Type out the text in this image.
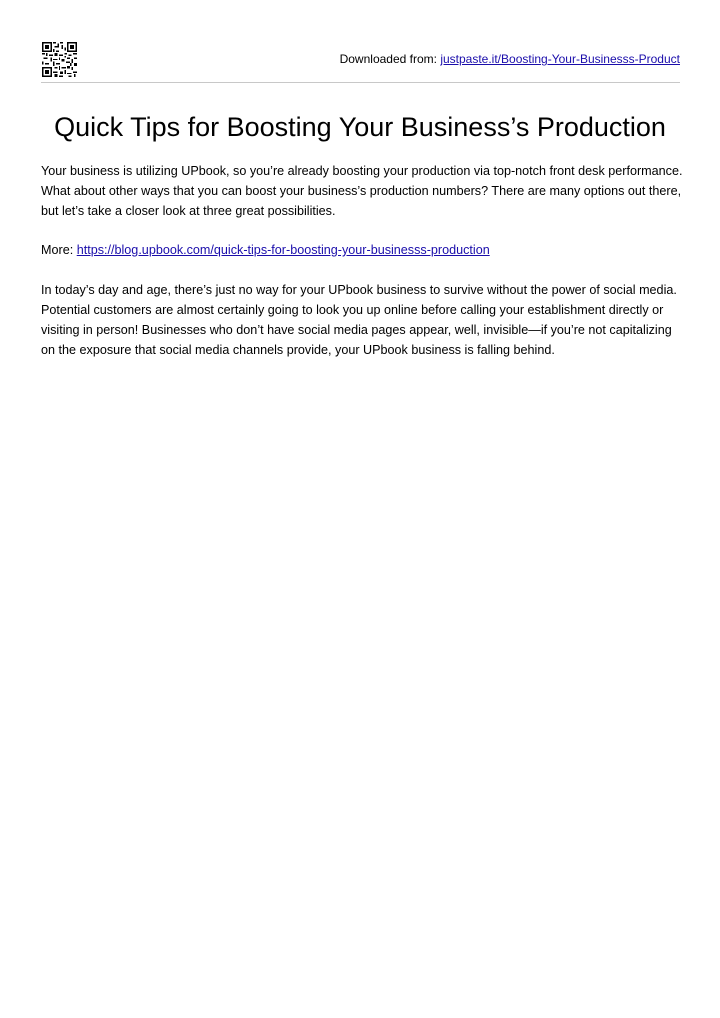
Downloaded from: justpaste.it/Boosting-Your-Businesss-Product
Quick Tips for Boosting Your Business’s Production

Your business is utilizing UPbook, so you’re already boosting your production via top-notch front desk performance. What about other ways that you can boost your business’s production numbers? There are many options out there, but let’s take a closer look at three great possibilities.

More: https://blog.upbook.com/quick-tips-for-boosting-your-businesss-production

In today’s day and age, there’s just no way for your UPbook business to survive without the power of social media. Potential customers are almost certainly going to look you up online before calling your establishment directly or visiting in person! Businesses who don’t have social media pages appear, well, invisible—if you’re not capitalizing on the exposure that social media channels provide, your UPbook business is falling behind.
